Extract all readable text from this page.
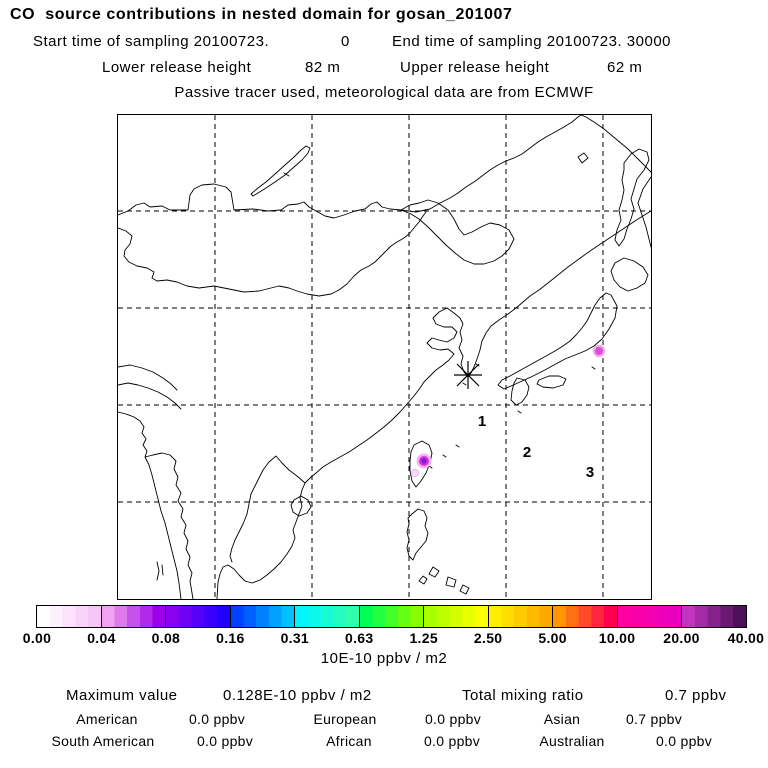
CO  source contributions in nested domain for gosan_201007
Start time of sampling 20100723.	0	End time of sampling 20100723. 30000
Lower release height	82 m	Upper release height	62 m
Passive tracer used, meteorological data are from ECMWF
1
2
3
0.00	0.04	0.08	0.16	0.31	0.63	1.25	2.50	5.00 10.00 20.00 40.00
10E-10 ppbv / m2
Maximum value	0.128E-10 ppbv / m2	Total mixing ratio	0.7 ppbv
American	0.0 ppbv	European	0.0 ppbv	Asian	0.7 ppbv
South American	0.0 ppbv	African	0.0 ppbv	Australian	0.0 ppbv
